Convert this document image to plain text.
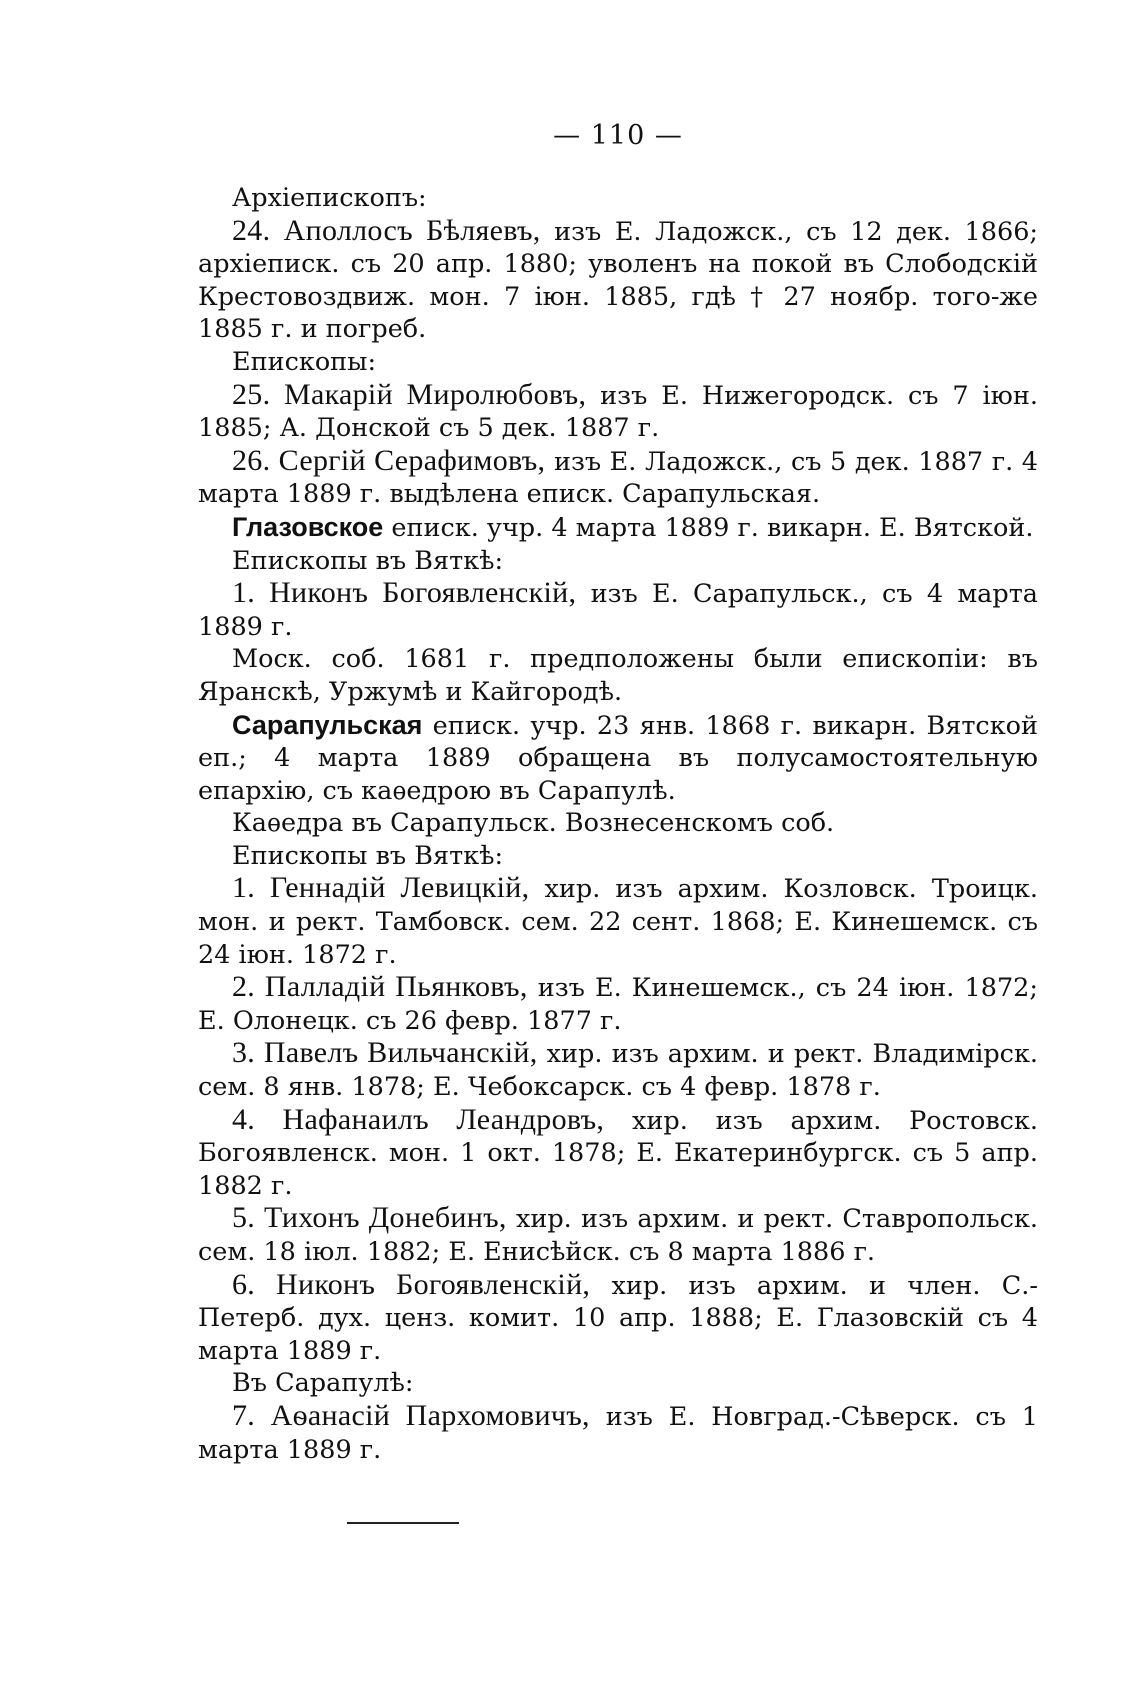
— 110 —
Архіепископъ:
24. Аполлосъ Бѣляевъ, изъ Е. Ладожск., съ 12 дек. 1866; архіеписк. съ 20 апр. 1880; уволенъ на покой въ Слободскій Крестовоздвиж. мон. 7 іюн. 1885, гдѣ † 27 ноябр. того-же 1885 г. и погреб.
Епископы:
25. Макарій Миролюбовъ, изъ Е. Нижегородск. съ 7 іюн. 1885; А. Донской съ 5 дек. 1887 г.
26. Сергій Серафимовъ, изъ Е. Ладожск., съ 5 дек. 1887 г. 4 марта 1889 г. выдѣлена еписк. Сарапульская.
Глазовское еписк. учр. 4 марта 1889 г. викарн. Е. Вятской.
Епископы въ Вяткѣ:
1. Никонъ Богоявленскій, изъ Е. Сарапульск., съ 4 марта 1889 г.
Моск. соб. 1681 г. предположены были епископіи: въ Яранскѣ, Уржумѣ и Кайгородѣ.
Сарапульская еписк. учр. 23 янв. 1868 г. викарн. Вятской еп.; 4 марта 1889 обращена въ полусамостоятельную епархію, съ каѳедрою въ Сарапулѣ.
Каѳедра въ Сарапульск. Вознесенскомъ соб.
Епископы въ Вяткѣ:
1. Геннадій Левицкій, хир. изъ архим. Козловск. Троицк. мон. и рект. Тамбовск. сем. 22 сент. 1868; Е. Кинешемск. съ 24 іюн. 1872 г.
2. Палладій Пьянковъ, изъ Е. Кинешемск., съ 24 іюн. 1872; Е. Олонецк. съ 26 февр. 1877 г.
3. Павелъ Вильчанскій, хир. изъ архим. и рект. Владимірск. сем. 8 янв. 1878; Е. Чебоксарск. съ 4 февр. 1878 г.
4. Нафанаилъ Леандровъ, хир. изъ архим. Ростовск. Богоявленск. мон. 1 окт. 1878; Е. Екатеринбургск. съ 5 апр. 1882 г.
5. Тихонъ Донебинъ, хир. изъ архим. и рект. Ставропольск. сем. 18 іюл. 1882; Е. Енисѣйск. съ 8 марта 1886 г.
6. Никонъ Богоявленскій, хир. изъ архим. и член. С.-Петерб. дух. ценз. комит. 10 апр. 1888; Е. Глазовскій съ 4 марта 1889 г.
Въ Сарапулѣ:
7. Аѳанасій Пархомовичъ, изъ Е. Новград.-Сѣверск. съ 1 марта 1889 г.
